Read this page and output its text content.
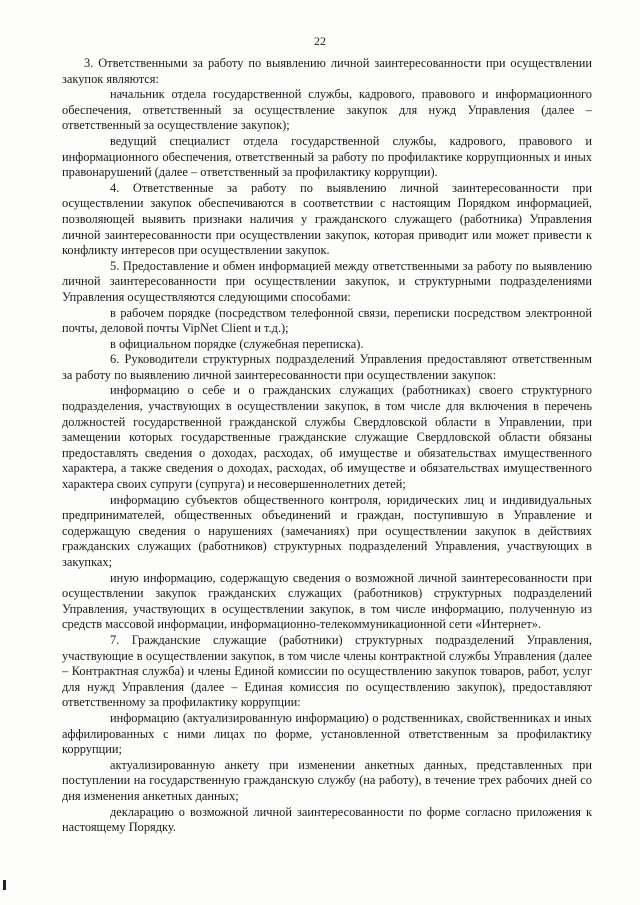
22

3. Ответственными за работу по выявлению личной заинтересованности при осуществлении закупок являются:

начальник отдела государственной службы, кадрового, правового и информационного обеспечения, ответственный за осуществление закупок для нужд Управления (далее – ответственный за осуществление закупок);

ведущий специалист отдела государственной службы, кадрового, правового и информационного обеспечения, ответственный за работу по профилактике коррупционных и иных правонарушений (далее – ответственный за профилактику коррупции).

4. Ответственные за работу по выявлению личной заинтересованности при осуществлении закупок обеспечиваются в соответствии с настоящим Порядком информацией, позволяющей выявить признаки наличия у гражданского служащего (работника) Управления личной заинтересованности при осуществлении закупок, которая приводит или может привести к конфликту интересов при осуществлении закупок.

5. Предоставление и обмен информацией между ответственными за работу по выявлению личной заинтересованности при осуществлении закупок, и структурными подразделениями Управления осуществляются следующими способами:

в рабочем порядке (посредством телефонной связи, переписки посредством электронной почты, деловой почты VipNet Client и т.д.);

в официальном порядке (служебная переписка).

6. Руководители структурных подразделений Управления предоставляют ответственным за работу по выявлению личной заинтересованности при осуществлении закупок:

информацию о себе и о гражданских служащих (работниках) своего структурного подразделения, участвующих в осуществлении закупок, в том числе для включения в перечень должностей государственной гражданской службы Свердловской области в Управлении, при замещении которых государственные гражданские служащие Свердловской области обязаны предоставлять сведения о доходах, расходах, об имуществе и обязательствах имущественного характера, а также сведения о доходах, расходах, об имуществе и обязательствах имущественного характера своих супруги (супруга) и несовершеннолетних детей;

информацию субъектов общественного контроля, юридических лиц и индивидуальных предпринимателей, общественных объединений и граждан, поступившую в Управление и содержащую сведения о нарушениях (замечаниях) при осуществлении закупок в действиях гражданских служащих (работников) структурных подразделений Управления, участвующих в закупках;

иную информацию, содержащую сведения о возможной личной заинтересованности при осуществлении закупок гражданских служащих (работников) структурных подразделений Управления, участвующих в осуществлении закупок, в том числе информацию, полученную из средств массовой информации, информационно-телекоммуникационной сети «Интернет».

7. Гражданские служащие (работники) структурных подразделений Управления, участвующие в осуществлении закупок, в том числе члены контрактной службы Управления (далее – Контрактная служба) и члены Единой комиссии по осуществлению закупок товаров, работ, услуг для нужд Управления (далее – Единая комиссия по осуществлению закупок), предоставляют ответственному за профилактику коррупции:

информацию (актуализированную информацию) о родственниках, свойственниках и иных аффилированных с ними лицах по форме, установленной ответственным за профилактику коррупции;

актуализированную анкету при изменении анкетных данных, представленных при поступлении на государственную гражданскую службу (на работу), в течение трех рабочих дней со дня изменения анкетных данных;

декларацию о возможной личной заинтересованности по форме согласно приложения к настоящему Порядку.
